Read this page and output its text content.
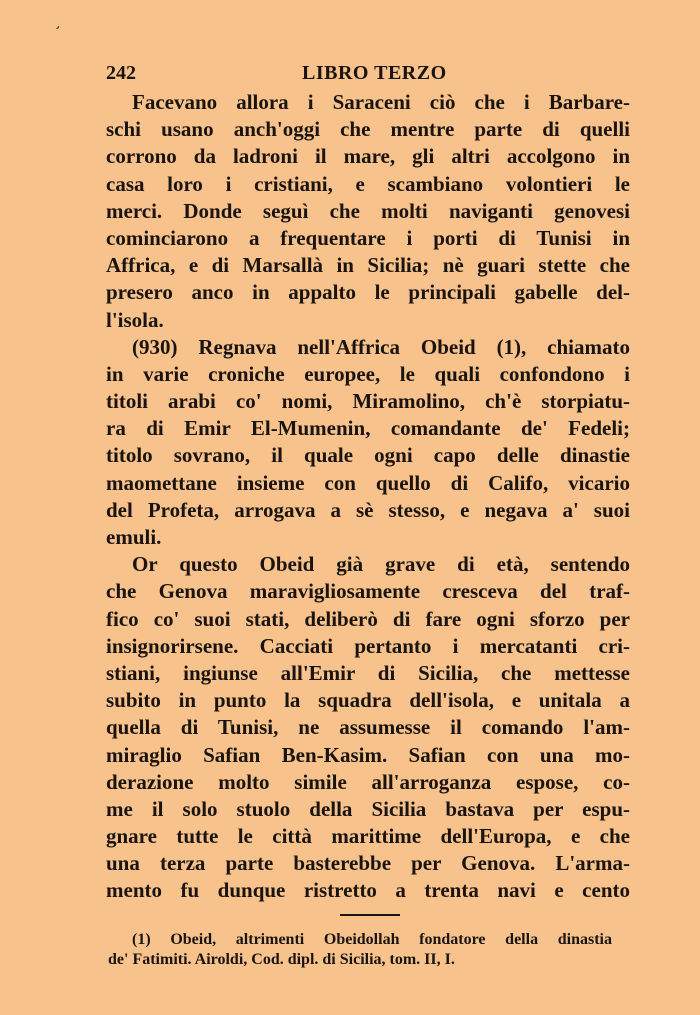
’
242	LIBRO TERZO
Facevano allora i Saraceni ciò che i Barbare-
schi usano anch'oggi che mentre parte di quelli
corrono da ladroni il mare, gli altri accolgono in
casa loro i cristiani, e scambiano volontieri le
merci. Donde seguì che molti naviganti genovesi
cominciarono a frequentare i porti di Tunisi in
Affrica, e di Marsallà in Sicilia; nè guari stette che
presero anco in appalto le principali gabelle del-
l'isola.
(930) Regnava nell'Affrica Obeid (1), chiamato
in varie croniche europee, le quali confondono i
titoli arabi co' nomi, Miramolino, ch'è storpiatu-
ra di Emir El-Mumenin, comandante de' Fedeli;
titolo sovrano, il quale ogni capo delle dinastie
maomettane insieme con quello di Califo, vicario
del Profeta, arrogava a sè stesso, e negava a' suoi
emuli.
Or questo Obeid già grave di età, sentendo
che Genova maravigliosamente cresceva del traf-
fico co' suoi stati, deliberò di fare ogni sforzo per
insignorirsene. Cacciati pertanto i mercatanti cri-
stiani, ingiunse all'Emir di Sicilia, che mettesse
subito in punto la squadra dell'isola, e unitala a
quella di Tunisi, ne assumesse il comando l'am-
miraglio Safian Ben-Kasim. Safian con una mo-
derazione molto simile all'arroganza espose, co-
me il solo stuolo della Sicilia bastava per espu-
gnare tutte le città marittime dell'Europa, e che
una terza parte basterebbe per Genova. L'arma-
mento fu dunque ristretto a trenta navi e cento
(1) Obeid, altrimenti Obeidollah fondatore della dinastia
de' Fatimiti. Airoldi, Cod. dipl. di Sicilia, tom. II, I.
